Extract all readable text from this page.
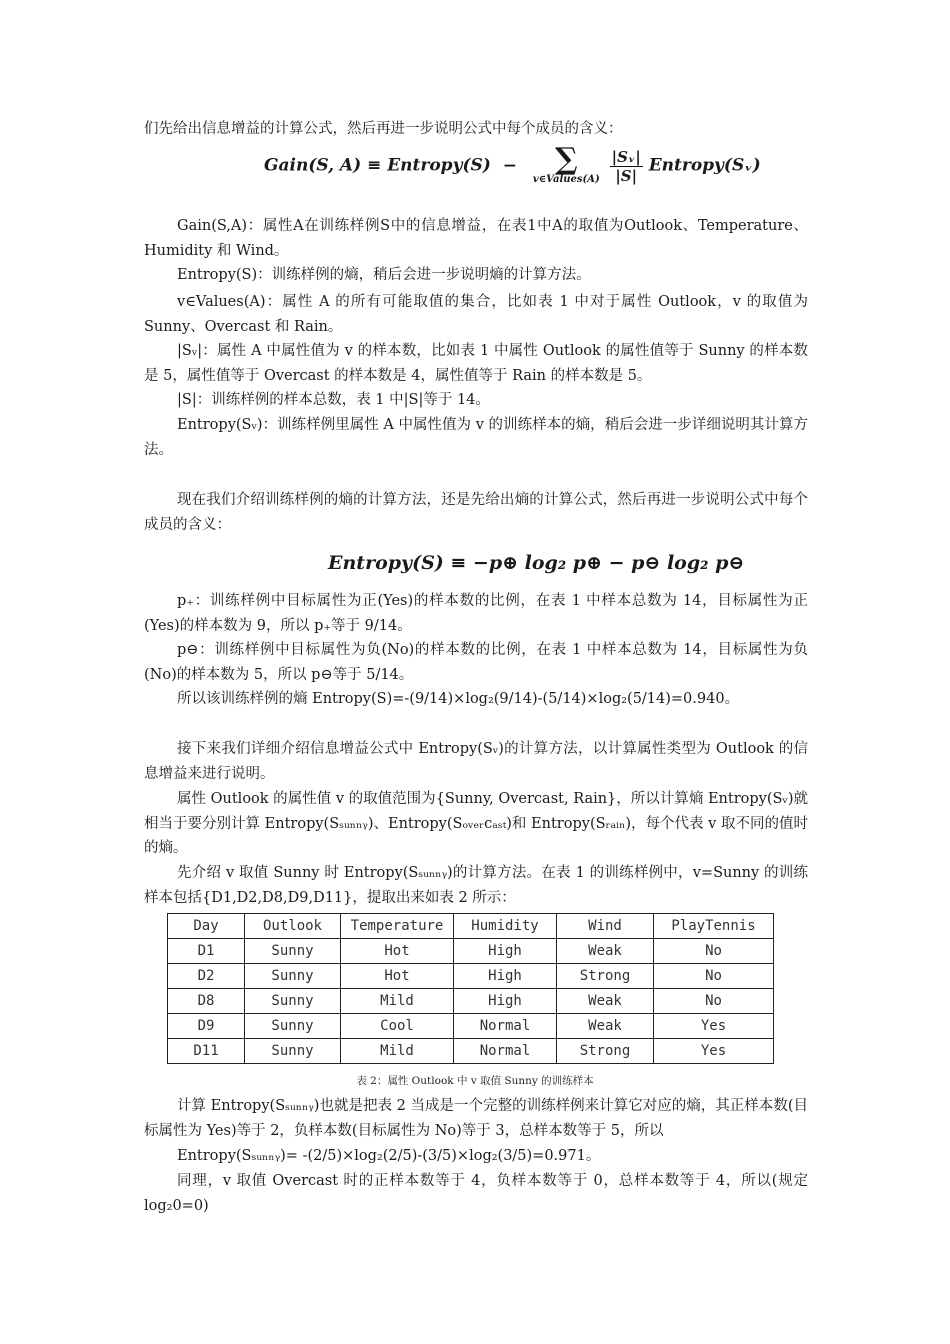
们先给出信息增益的计算公式，然后再进一步说明公式中每个成员的含义：

Gain(S, A) ≡ Entropy(S) −	∑
v∈Values(A)
$\frac{\text{|Sᵥ|}}{|S|}$ Entropy(Sᵥ)

Gain(S,A)：属性A在训练样例S中的信息增益，在表1中A的取值为Outlook、Temperature、Humidity 和 Wind。

Entropy(S)：训练样例的熵，稍后会进一步说明熵的计算方法。

v∈Values(A)：属性 A 的所有可能取值的集合，比如表 1 中对于属性 Outlook，v 的取值为 Sunny、Overcast 和 Rain。

|Sᵥ|：属性 A 中属性值为 v 的样本数，比如表 1 中属性 Outlook 的属性值等于 Sunny 的样本数是 5，属性值等于 Overcast 的样本数是 4，属性值等于 Rain 的样本数是 5。

|S|：训练样例的样本总数，表 1 中|S|等于 14。

Entropy(Sᵥ)：训练样例里属性 A 中属性值为 v 的训练样本的熵，稍后会进一步详细说明其计算方法。

现在我们介绍训练样例的熵的计算方法，还是先给出熵的计算公式，然后再进一步说明公式中每个成员的含义：

Entropy(S) ≡ −p⊕ log₂ p⊕ − p⊖ log₂ p⊖

p₊：训练样例中目标属性为正(Yes)的样本数的比例，在表 1 中样本总数为 14，目标属性为正(Yes)的样本数为 9，所以 p₊等于 9/14。

p⊖：训练样例中目标属性为负(No)的样本数的比例，在表 1 中样本总数为 14，目标属性为负(No)的样本数为 5，所以 p⊖等于 5/14。

所以该训练样例的熵 Entropy(S)=-(9/14)×log₂(9/14)-(5/14)×log₂(5/14)=0.940。

接下来我们详细介绍信息增益公式中 Entropy(Sᵥ)的计算方法，以计算属性类型为 Outlook 的信息增益来进行说明。

属性 Outlook 的属性值 v 的取值范围为{Sunny, Overcast, Rain}，所以计算熵 Entropy(Sᵥ)就相当于要分别计算 Entropy(Sₛᵤₙₙᵧ)、Entropy(Sₒᵥₑᵣcₐₛₜ)和 Entropy(Sᵣₐᵢₙ)，每个代表 v 取不同的值时的熵。

先介绍 v 取值 Sunny 时 Entropy(Sₛᵤₙₙᵧ)的计算方法。在表 1 的训练样例中，v=Sunny 的训练样本包括{D1,D2,D8,D9,D11}，提取出来如表 2 所示：

Day	Outlook	Temperature	Humidity	Wind	PlayTennis
D1	Sunny	Hot	High	Weak	No
D2	Sunny	Hot	High	Strong	No
D8	Sunny	Mild	High	Weak	No
D9	Sunny	Cool	Normal	Weak	Yes
D11	Sunny	Mild	Normal	Strong	Yes
表 2：属性 Outlook 中 v 取值 Sunny 的训练样本

计算 Entropy(Sₛᵤₙₙᵧ)也就是把表 2 当成是一个完整的训练样例来计算它对应的熵，其正样本数(目标属性为 Yes)等于 2，负样本数(目标属性为 No)等于 3，总样本数等于 5，所以

Entropy(Sₛᵤₙₙᵧ)= -(2/5)×log₂(2/5)-(3/5)×log₂(3/5)=0.971。

同理，v 取值 Overcast 时的正样本数等于 4，负样本数等于 0，总样本数等于 4，所以(规定 log₂0=0)
